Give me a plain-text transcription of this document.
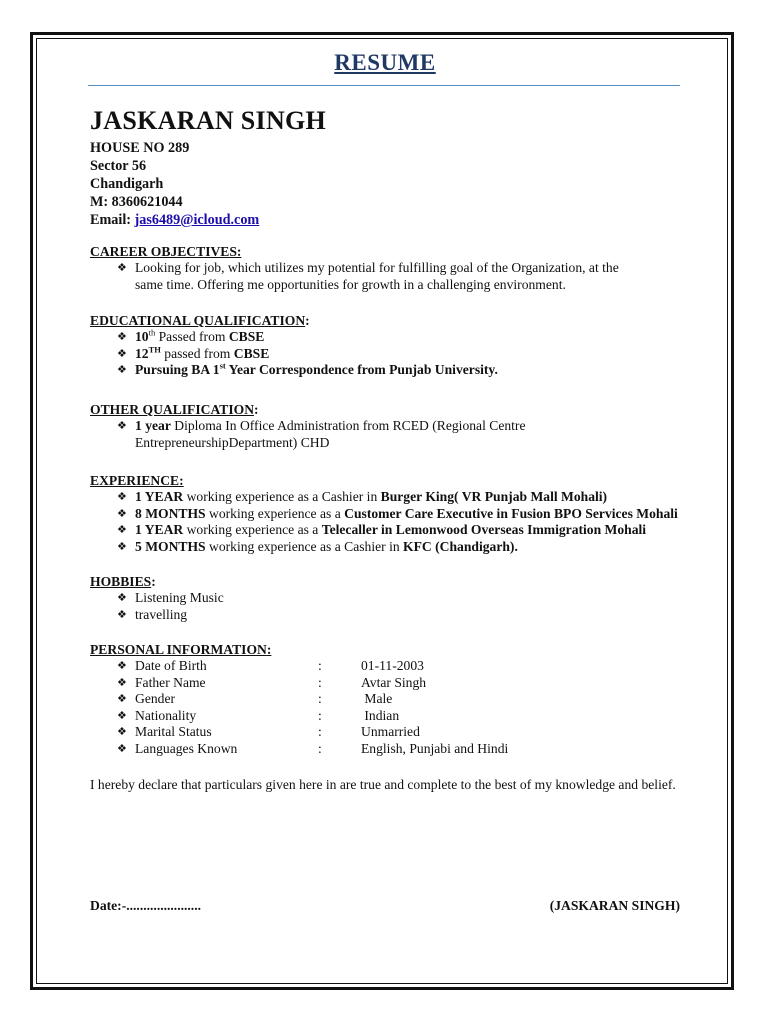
RESUME
JASKARAN SINGH
HOUSE NO 289
Sector 56
Chandigarh
M: 8360621044
Email: jas6489@icloud.com
CAREER OBJECTIVES:
❖ Looking for job, which utilizes my potential for fulfilling goal of the Organization, at the
same time. Offering me opportunities for growth in a challenging environment.
EDUCATIONAL QUALIFICATION:
❖ 10th Passed from CBSE
❖ 12TH passed from CBSE
❖ Pursuing BA 1st Year Correspondence from Punjab University.
OTHER QUALIFICATION:
❖ 1 year Diploma In Office Administration from RCED (Regional Centre
EntrepreneurshipDepartment) CHD
EXPERIENCE:
❖ 1 YEAR working experience as a Cashier in Burger King( VR Punjab Mall Mohali)
❖ 8 MONTHS working experience as a Customer Care Executive in Fusion BPO Services Mohali
❖ 1 YEAR working experience as a Telecaller in Lemonwood Overseas Immigration Mohali
❖ 5 MONTHS working experience as a Cashier in KFC (Chandigarh).
HOBBIES:
❖ Listening Music
❖ travelling
PERSONAL INFORMATION:
❖ Date of Birth	:	01-11-2003
❖ Father Name	:	Avtar Singh
❖ Gender	:	Male
❖ Nationality	:	Indian
❖ Marital Status	:	Unmarried
❖ Languages Known	:	English, Punjabi and Hindi
I hereby declare that particulars given here in are true and complete to the best of my knowledge and belief.
Date:-......................	(JASKARAN SINGH)
